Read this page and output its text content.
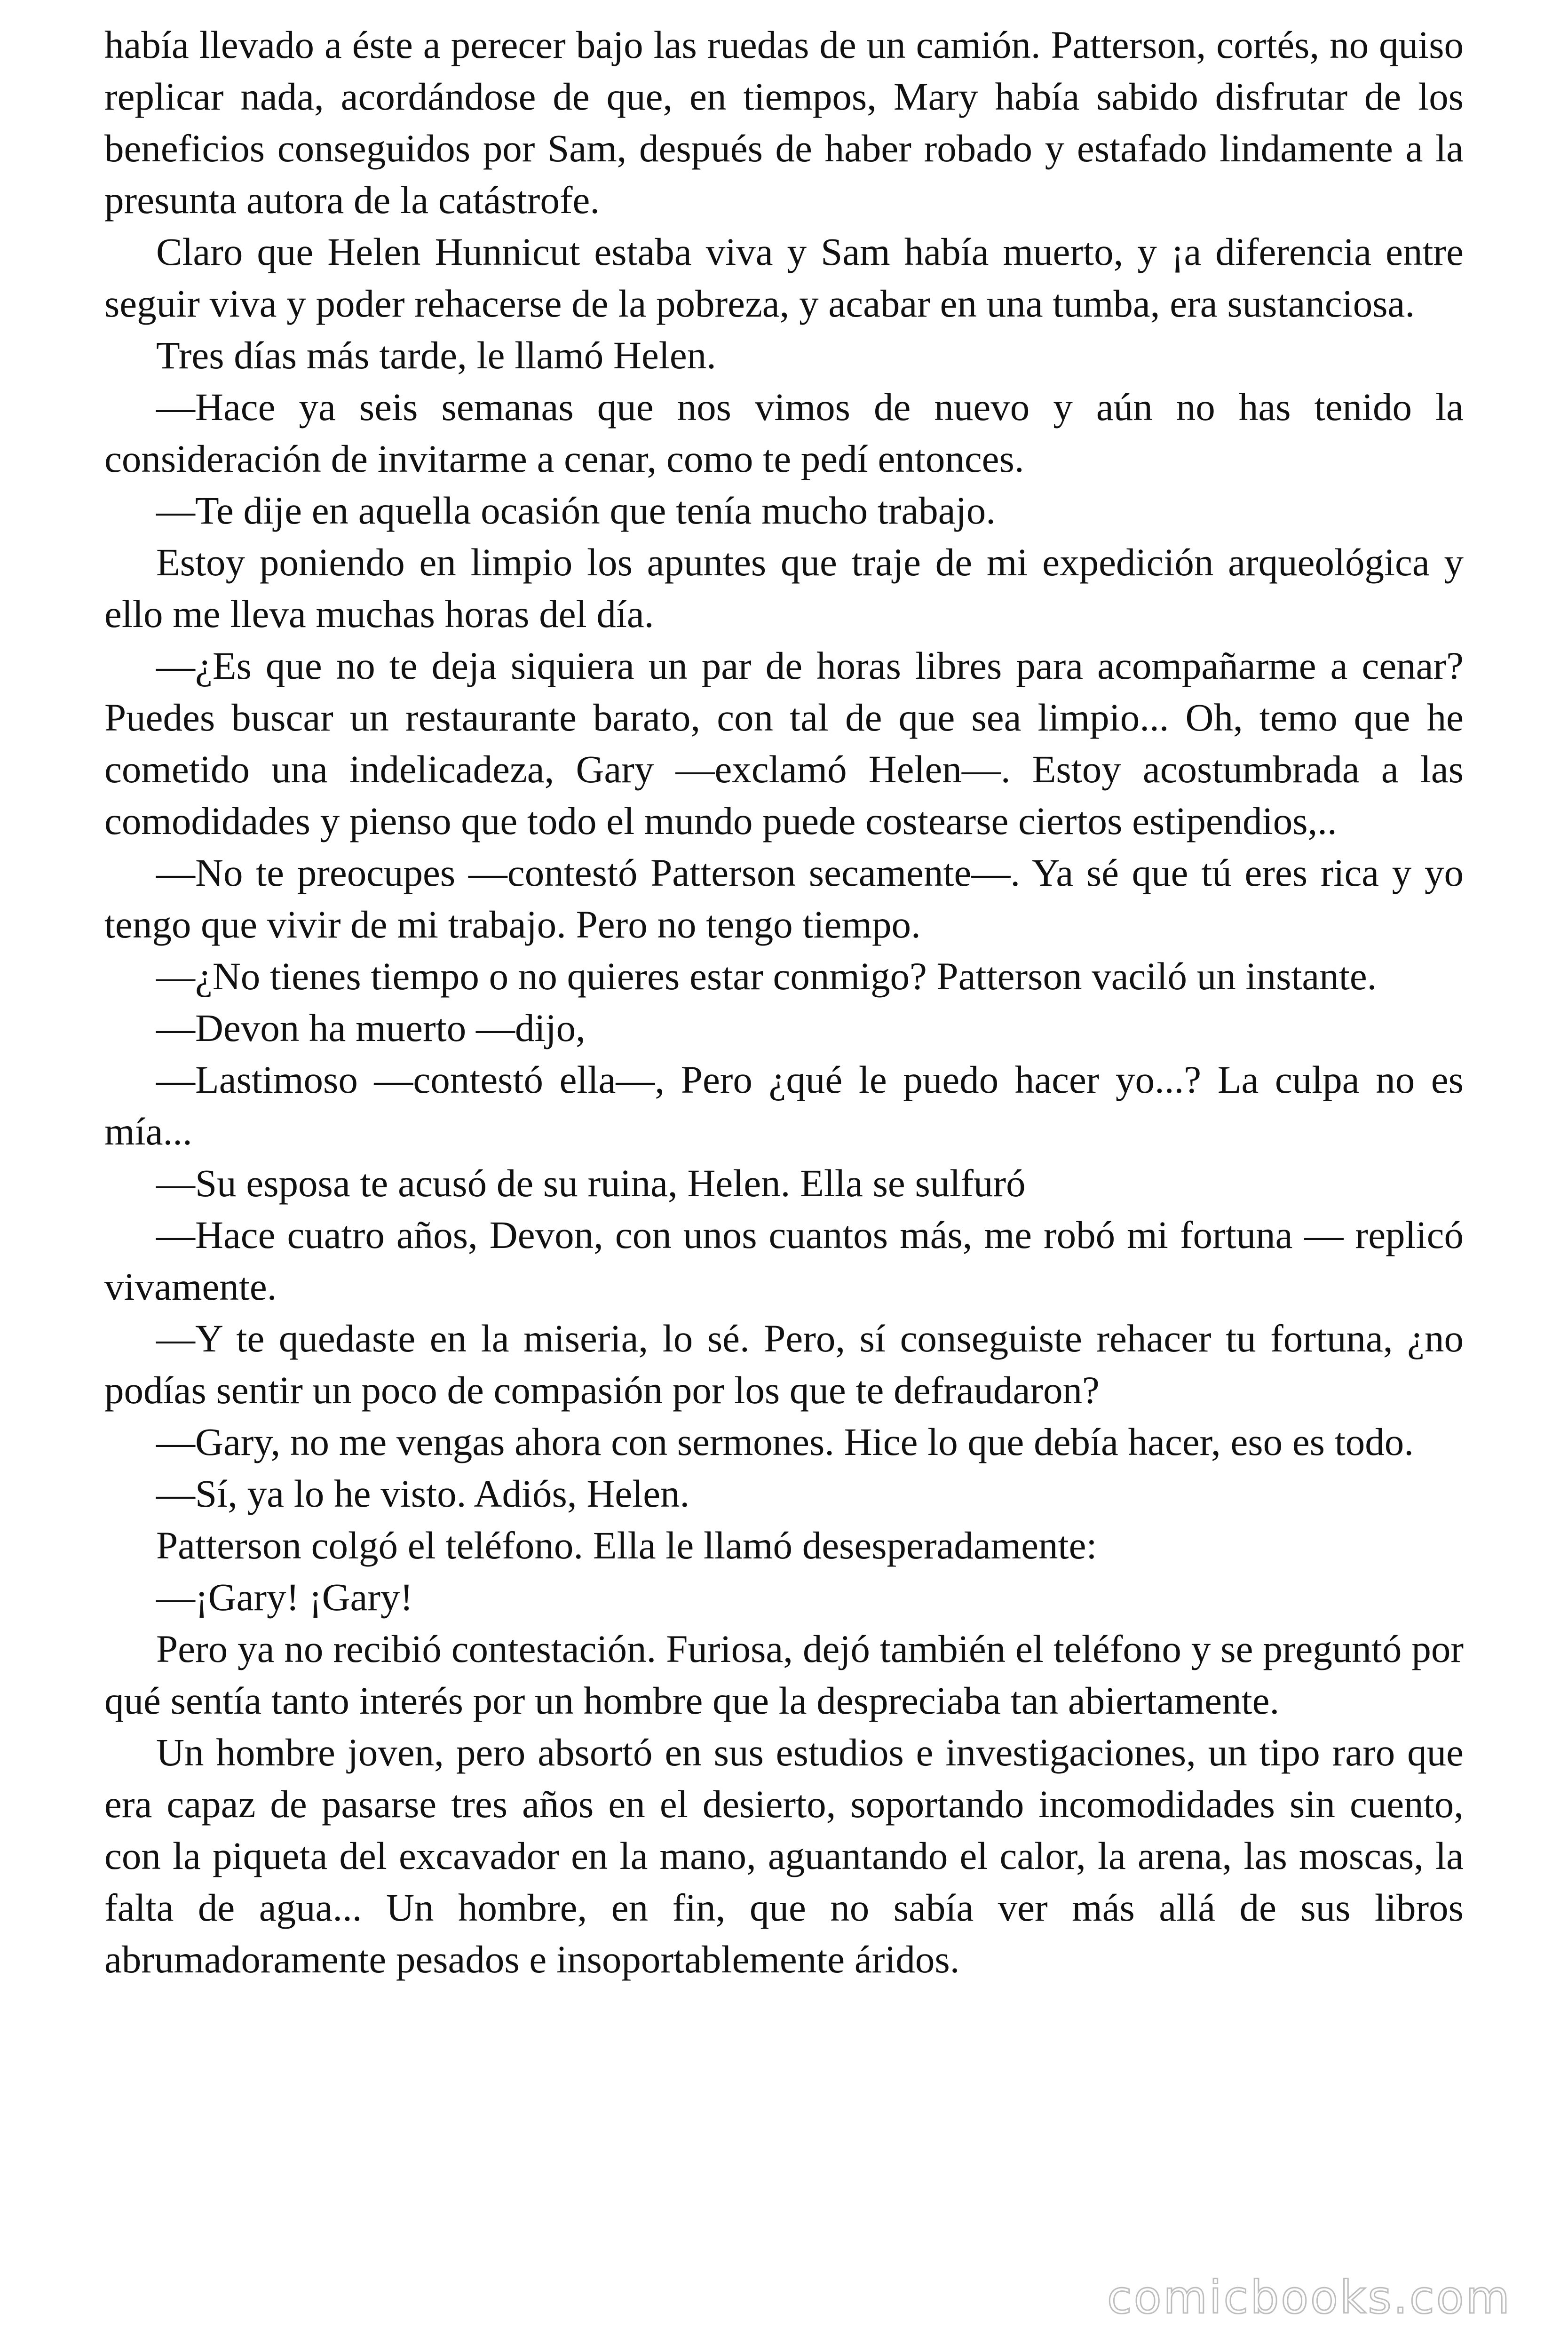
había llevado a éste a perecer bajo las ruedas de un camión. Patterson, cortés, no quiso replicar nada, acordándose de que, en tiempos, Mary había sabido disfrutar de los beneficios conseguidos por Sam, después de haber robado y estafado lindamente a la presunta autora de la catástrofe.

Claro que Helen Hunnicut estaba viva y Sam había muerto, y ¡a diferencia entre seguir viva y poder rehacerse de la pobreza, y acabar en una tumba, era sustanciosa.

Tres días más tarde, le llamó Helen.

—Hace ya seis semanas que nos vimos de nuevo y aún no has tenido la consideración de invitarme a cenar, como te pedí entonces.

—Te dije en aquella ocasión que tenía mucho trabajo.

Estoy poniendo en limpio los apuntes que traje de mi expedición arqueológica y ello me lleva muchas horas del día.

—¿Es que no te deja siquiera un par de horas libres para acompañarme a cenar? Puedes buscar un restaurante barato, con tal de que sea limpio... Oh, temo que he cometido una indelicadeza, Gary —exclamó Helen—. Estoy acostumbrada a las comodidades y pienso que todo el mundo puede costearse ciertos estipendios,..

—No te preocupes —contestó Patterson secamente—. Ya sé que tú eres rica y yo tengo que vivir de mi trabajo. Pero no tengo tiempo.

—¿No tienes tiempo o no quieres estar conmigo? Patterson vaciló un instante.

—Devon ha muerto —dijo,

—Lastimoso —contestó ella—, Pero ¿qué le puedo hacer yo...? La culpa no es mía...

—Su esposa te acusó de su ruina, Helen. Ella se sulfuró

—Hace cuatro años, Devon, con unos cuantos más, me robó mi fortuna — replicó vivamente.

—Y te quedaste en la miseria, lo sé. Pero, sí conseguiste rehacer tu fortuna, ¿no podías sentir un poco de compasión por los que te defraudaron?

—Gary, no me vengas ahora con sermones. Hice lo que debía hacer, eso es todo.

—Sí, ya lo he visto. Adiós, Helen.

Patterson colgó el teléfono. Ella le llamó desesperadamente:

—¡Gary! ¡Gary!

Pero ya no recibió contestación. Furiosa, dejó también el teléfono y se preguntó por qué sentía tanto interés por un hombre que la despreciaba tan abiertamente.

Un hombre joven, pero absortó en sus estudios e investigaciones, un tipo raro que era capaz de pasarse tres años en el desierto, soportando incomodidades sin cuento, con la piqueta del excavador en la mano, aguantando el calor, la arena, las moscas, la falta de agua... Un hombre, en fin, que no sabía ver más allá de sus libros abrumadoramente pesados e insoportablemente áridos.

comicbooks.com
